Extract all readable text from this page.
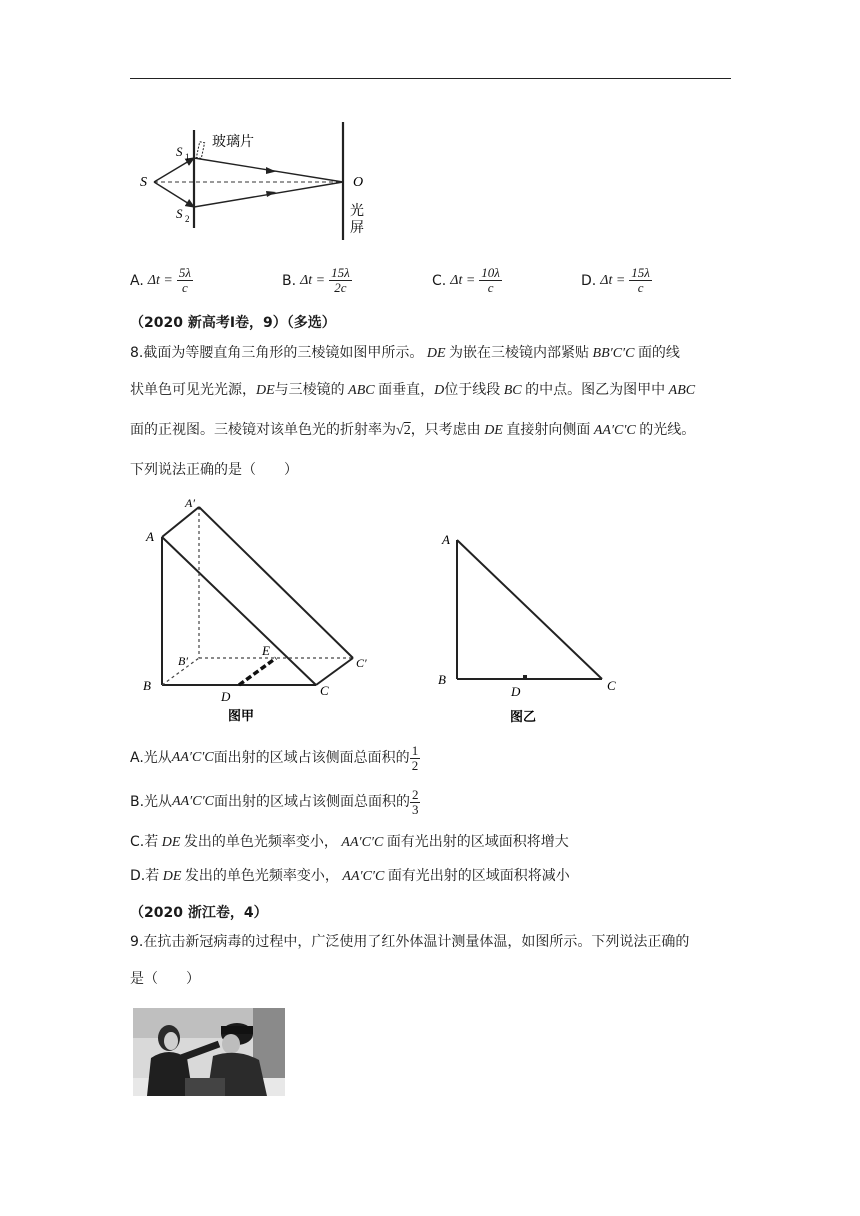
S
S 1
S 2
玻璃片
O
光
屏
A. $\Delta t = \frac{5\lambda}{c}$	B. $\Delta t = \frac{15\lambda}{2c}$	C. $\Delta t = \frac{10\lambda}{c}$	D. $\Delta t = \frac{15\lambda}{c}$
（2020 新高考Ⅰ卷，9）（多选）
8.截面为等腰直角三角形的三棱镜如图甲所示。 DE 为嵌在三棱镜内部紧贴 BB′C′C 面的线
状单色可见光光源，DE与三棱镜的 ABC 面垂直，D位于线段 BC 的中点。图乙为图甲中 ABC
面的正视图。三棱镜对该单色光的折射率为√2，只考虑由 DE 直接射向侧面 AA′C′C 的光线。
下列说法正确的是（　　）
A
A′
B
B′
C
C′
D
E
图甲
A
B	C
D
图乙
A.光从 AA′C′C 面出射的区域占该侧面总面积的 $\frac{1}{2}$
B.光从 AA′C′C 面出射的区域占该侧面总面积的 $\frac{2}{3}$
C.若 DE 发出的单色光频率变小， AA′C′C 面有光出射的区域面积将增大
D.若 DE 发出的单色光频率变小， AA′C′C 面有光出射的区域面积将减小
（2020 浙江卷，4）
9.在抗击新冠病毒的过程中，广泛使用了红外体温计测量体温，如图所示。下列说法正确的
是（　　）
